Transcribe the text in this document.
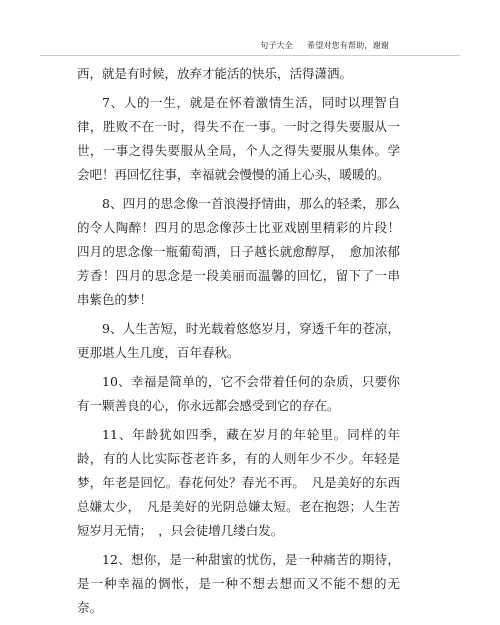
句子大全 希望对您有帮助，谢谢

西，就是有时候，放弃才能活的快乐，活得潇洒。

7、人的一生，就是在怀着激情生活，同时以理智自律，胜败不在一时，得失不在一事。一时之得失要服从一世，一事之得失要服从全局，个人之得失要服从集体。学会吧！再回忆往事，幸福就会慢慢的涌上心头，暖暖的。

8、四月的思念像一首浪漫抒情曲，那么的轻柔，那么的令人陶醉！四月的思念像莎士比亚戏剧里精彩的片段！　四月的思念像一瓶葡萄酒，日子越长就愈醇厚，　愈加浓郁芳香！四月的思念是一段美丽而温馨的回忆，留下了一串串紫色的梦！

9、人生苦短，时光载着悠悠岁月，穿透千年的苍凉，更那堪人生几度，百年春秋。

10、幸福是简单的，它不会带着任何的杂质，只要你有一颗善良的心，你永远都会感受到它的存在。

11、年龄犹如四季，藏在岁月的年轮里。同样的年龄，有的人比实际苍老许多，有的人则年少不少。年轻是梦，年老是回忆。春花何处？春光不再。　凡是美好的东西总嫌太少，　凡是美好的光阴总嫌太短。老在抱怨；人生苦短岁月无情；　，只会徒增几缕白发。

12、想你，是一种甜蜜的忧伤，是一种痛苦的期待，是一种幸福的惆怅，是一种不想去想而又不能不想的无奈。
